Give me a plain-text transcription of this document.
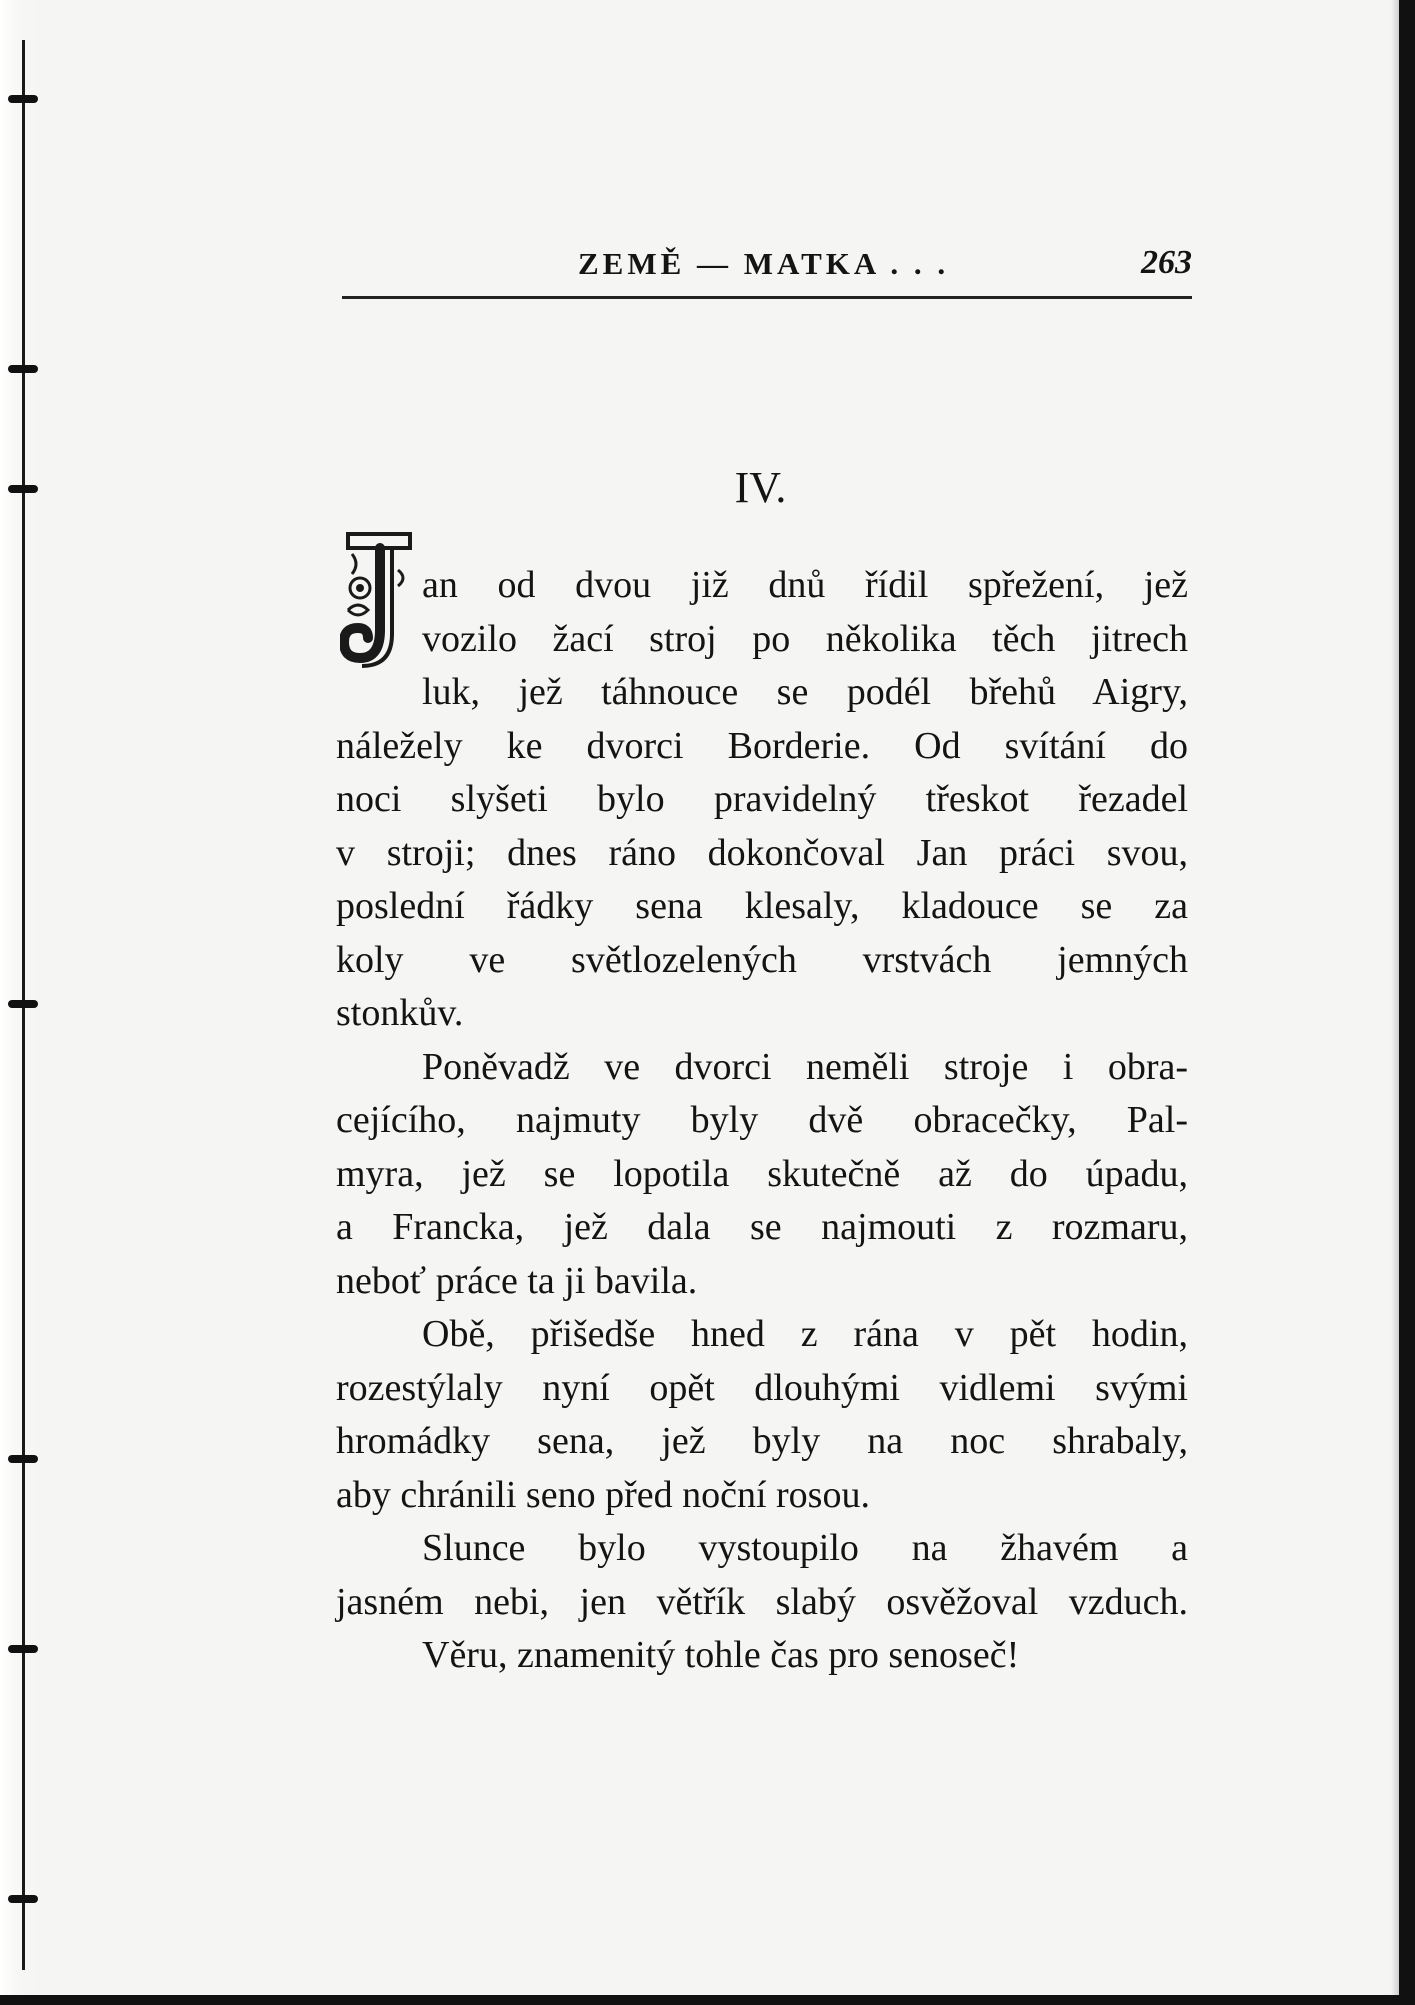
ZEMĚ — MATKA . . .	263
IV.
J
an od dvou již dnů řídil spřežení, jež
vozilo žací stroj po několika těch jitrech
luk, jež táhnouce se podél břehů Aigry,
náležely ke dvorci Borderie. Od svítání do
noci slyšeti bylo pravidelný třeskot řezadel
v stroji; dnes ráno dokončoval Jan práci svou,
poslední řádky sena klesaly, kladouce se za
koly ve světlozelených vrstvách jemných
stonkův.
Poněvadž ve dvorci neměli stroje i obra-
cejícího, najmuty byly dvě obracečky, Pal-
myra, jež se lopotila skutečně až do úpadu,
a Francka, jež dala se najmouti z rozmaru,
neboť práce ta ji bavila.
Obě, přišedše hned z rána v pět hodin,
rozestýlaly nyní opět dlouhými vidlemi svými
hromádky sena, jež byly na noc shrabaly,
aby chránili seno před noční rosou.
Slunce bylo vystoupilo na žhavém a
jasném nebi, jen větřík slabý osvěžoval vzduch.
Věru, znamenitý tohle čas pro senoseč!
